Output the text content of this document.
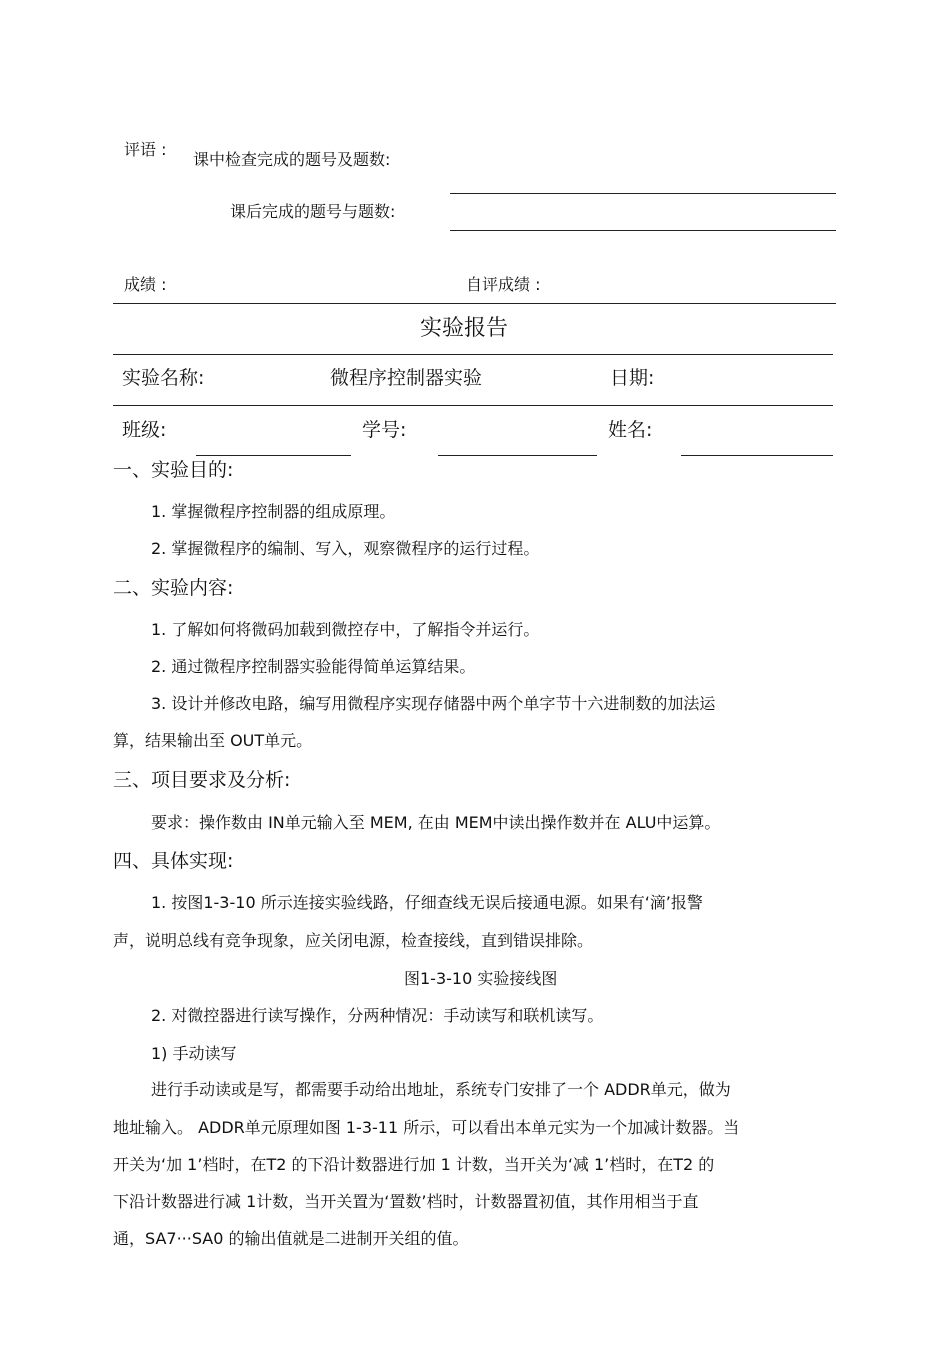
评语 :
课中检查完成的题号及题数:
课后完成的题号与题数:
成绩 :	自评成绩 :
实验报告
实验名称:	微程序控制器实验	日期:
班级:	学号:	姓名:
一、实验目的:
1. 掌握微程序控制器的组成原理。
2. 掌握微程序的编制、写入，观察微程序的运行过程。
二、实验内容:
1. 了解如何将微码加载到微控存中，了解指令并运行。
2. 通过微程序控制器实验能得简单运算结果。
3. 设计并修改电路，编写用微程序实现存储器中两个单字节十六进制数的加法运
算，结果输出至 OUT单元。
三、项目要求及分析:
要求：操作数由 IN单元输入至 MEM, 在由 MEM中读出操作数并在 ALU中运算。
四、具体实现:
1. 按图1-3-10 所示连接实验线路，仔细查线无误后接通电源。如果有‘滴’报警
声，说明总线有竞争现象，应关闭电源，检查接线，直到错误排除。
图1-3-10 实验接线图
2. 对微控器进行读写操作，分两种情况：手动读写和联机读写。
1) 手动读写
进行手动读或是写，都需要手动给出地址，系统专门安排了一个 ADDR单元，做为
地址输入。 ADDR单元原理如图 1-3-11 所示，可以看出本单元实为一个加减计数器。当
开关为‘加 1’档时，在T2 的下沿计数器进行加 1 计数，当开关为‘减 1’档时，在T2 的
下沿计数器进行减 1计数，当开关置为‘置数’档时，计数器置初值，其作用相当于直
通，SA7···SA0 的输出值就是二进制开关组的值。
